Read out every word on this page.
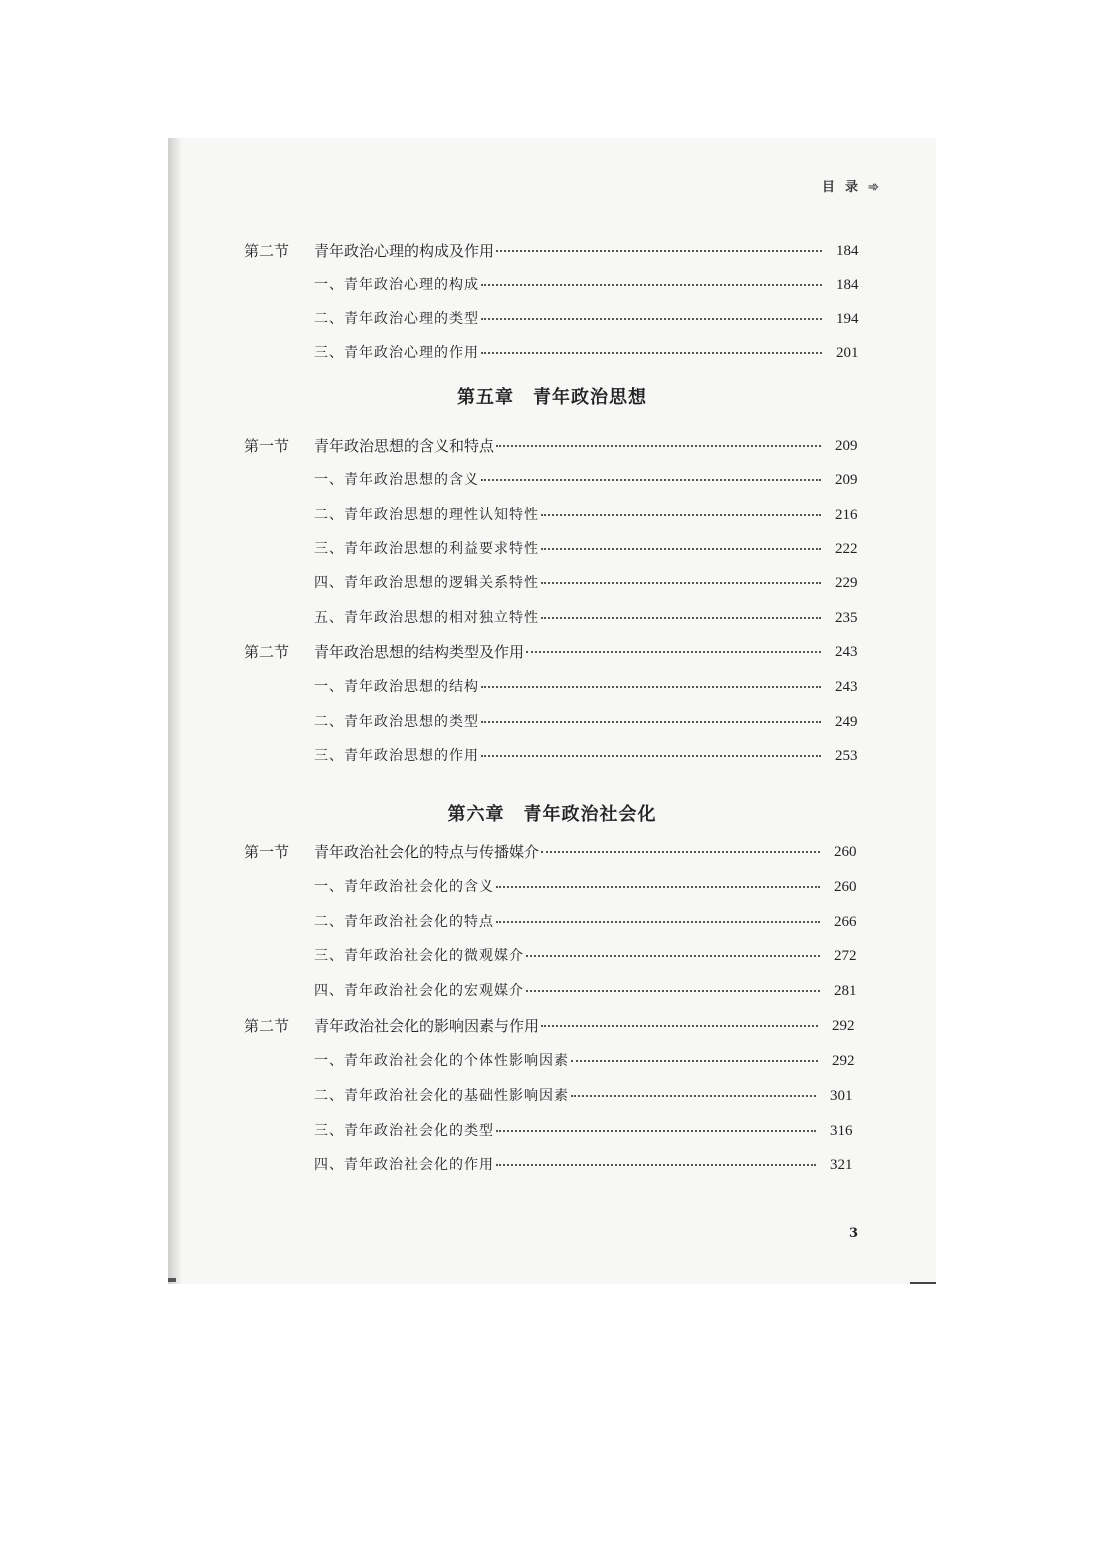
目录➾
第二节 青年政治心理的构成及作用	184
一、青年政治心理的构成	184
二、青年政治心理的类型	194
三、青年政治心理的作用	201
第五章　青年政治思想
第一节 青年政治思想的含义和特点	209
一、青年政治思想的含义	209
二、青年政治思想的理性认知特性	216
三、青年政治思想的利益要求特性	222
四、青年政治思想的逻辑关系特性	229
五、青年政治思想的相对独立特性	235
第二节 青年政治思想的结构类型及作用	243
一、青年政治思想的结构	243
二、青年政治思想的类型	249
三、青年政治思想的作用	253
第六章　青年政治社会化
第一节 青年政治社会化的特点与传播媒介	260
一、青年政治社会化的含义	260
二、青年政治社会化的特点	266
三、青年政治社会化的微观媒介	272
四、青年政治社会化的宏观媒介	281
第二节 青年政治社会化的影响因素与作用	292
一、青年政治社会化的个体性影响因素	292
二、青年政治社会化的基础性影响因素	301
三、青年政治社会化的类型	316
四、青年政治社会化的作用	321
3
